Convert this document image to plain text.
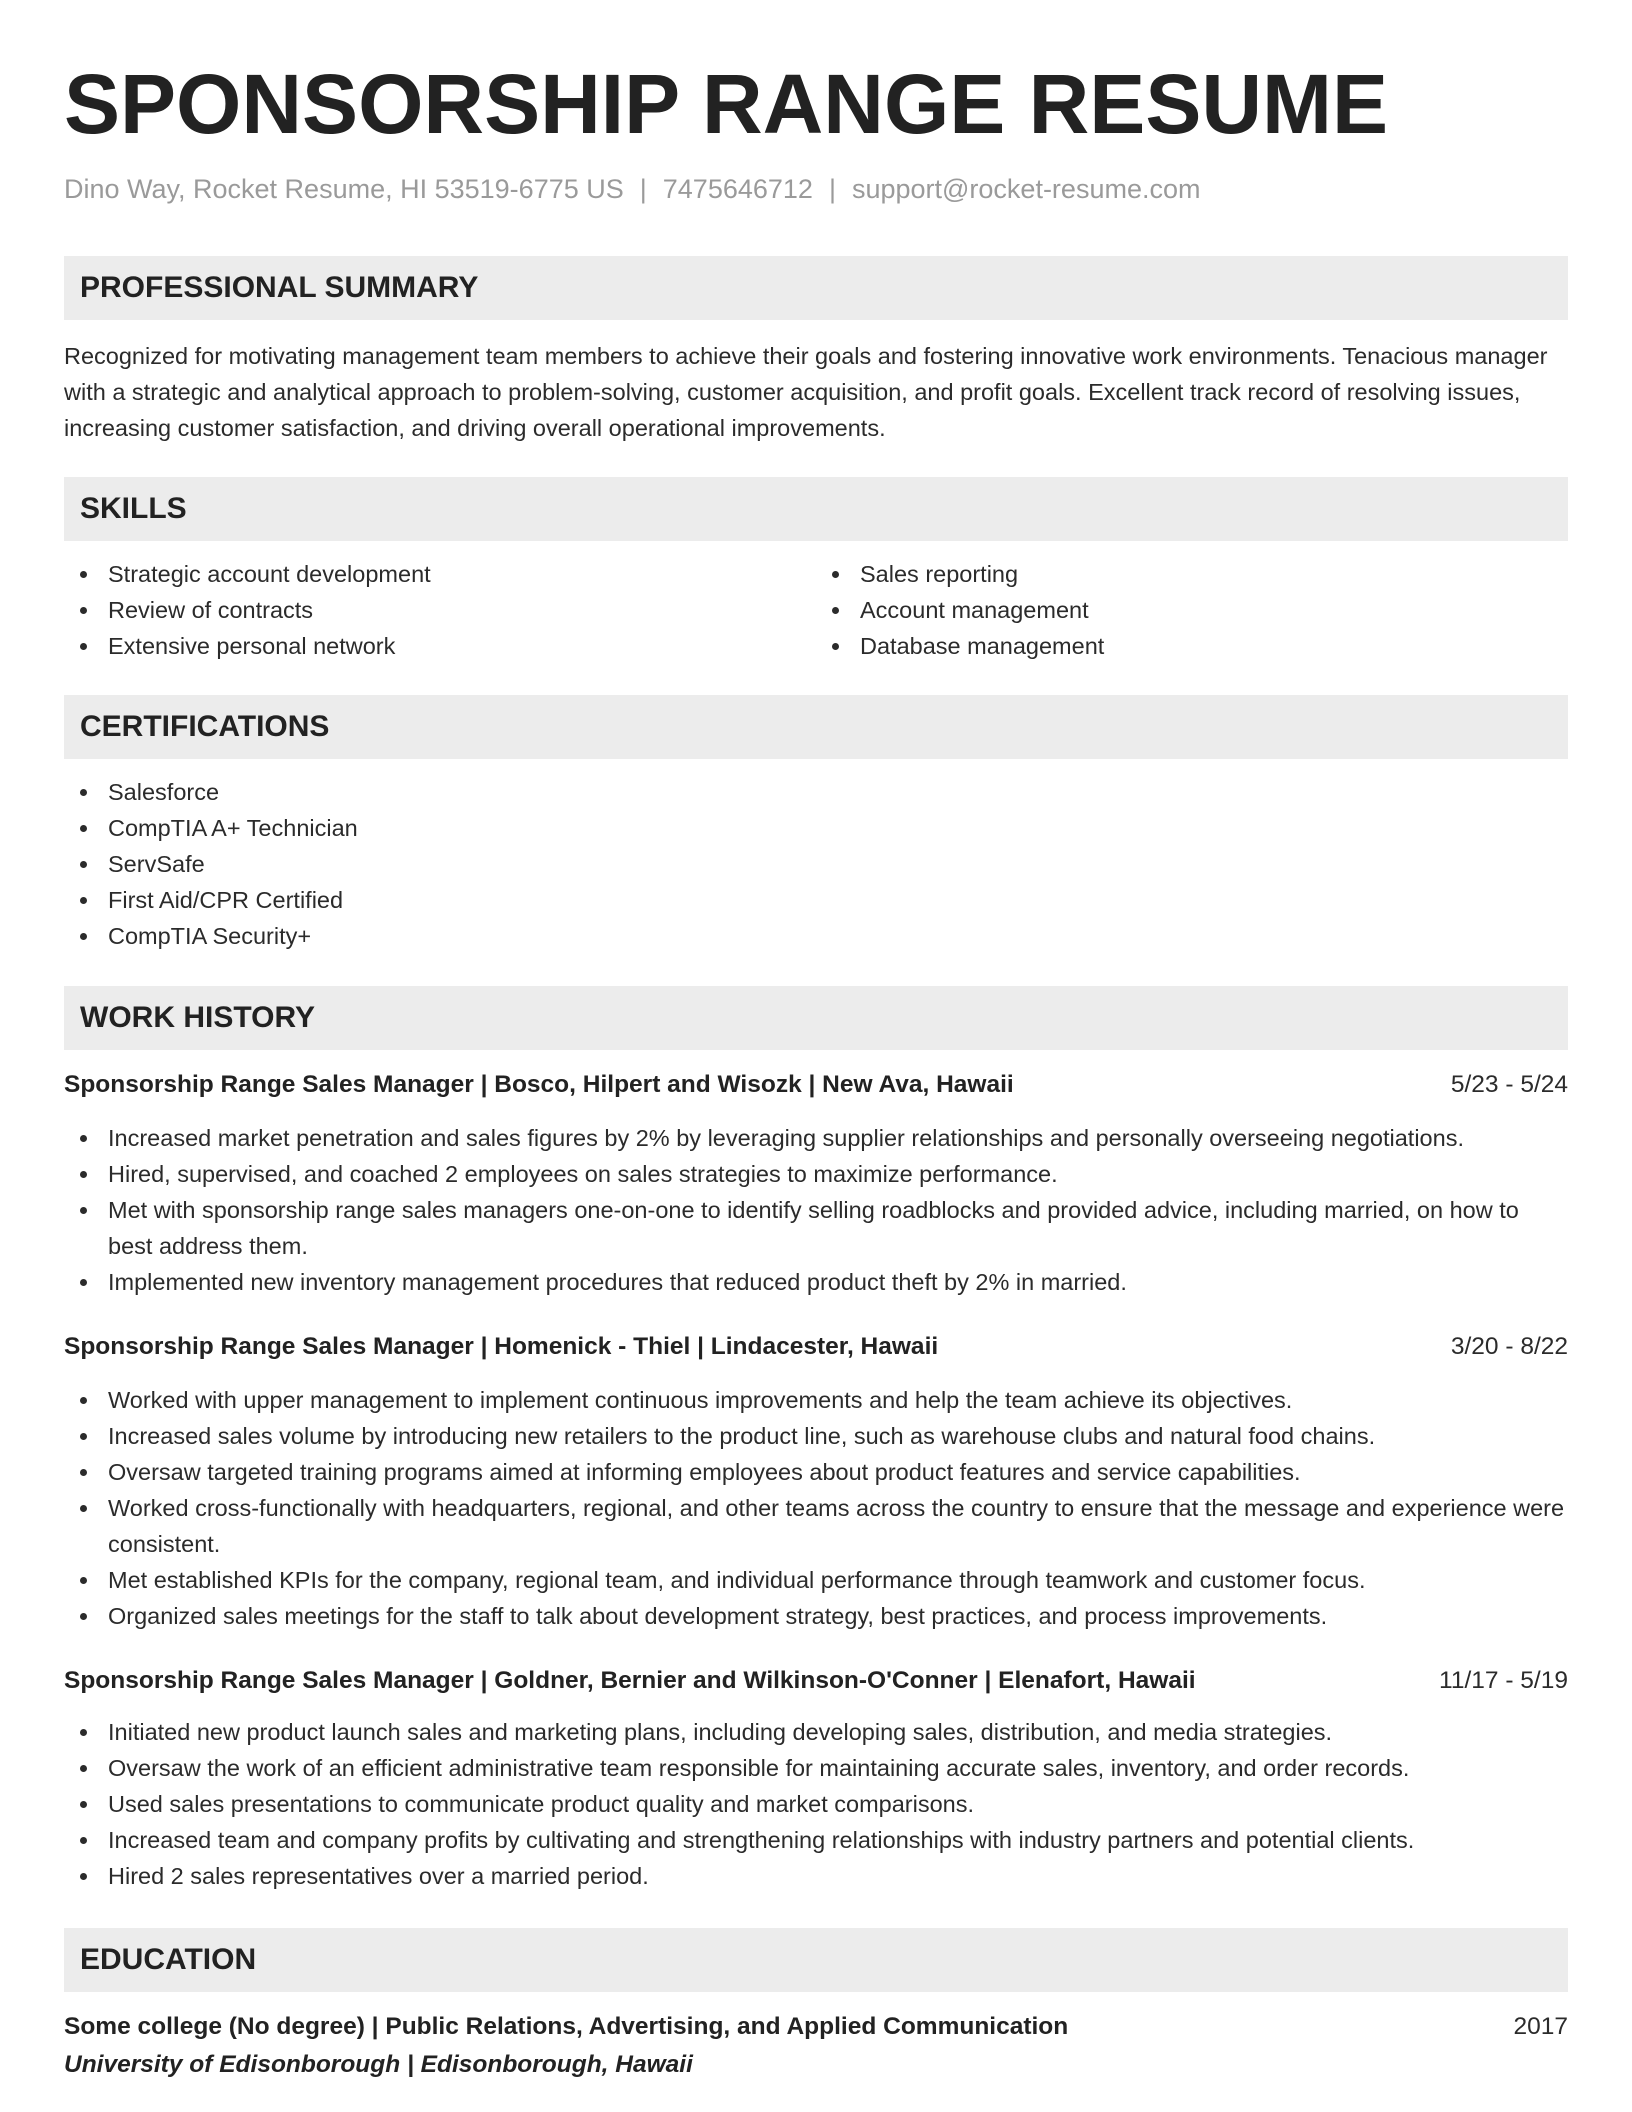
SPONSORSHIP RANGE RESUME
Dino Way, Rocket Resume, HI 53519-6775 US | 7475646712 | support@rocket-resume.com
PROFESSIONAL SUMMARY

Recognized for motivating management team members to achieve their goals and fostering innovative work environments. Tenacious manager with a strategic and analytical approach to problem-solving, customer acquisition, and profit goals. Excellent track record of resolving issues, increasing customer satisfaction, and driving overall operational improvements.

SKILLS
Strategic account development
Review of contracts
Extensive personal network
Sales reporting
Account management
Database management
CERTIFICATIONS
Salesforce
CompTIA A+ Technician
ServSafe
First Aid/CPR Certified
CompTIA Security+
WORK HISTORY
Sponsorship Range Sales Manager | Bosco, Hilpert and Wisozk | New Ava, Hawaii	5/23 - 5/24
Increased market penetration and sales figures by 2% by leveraging supplier relationships and personally overseeing negotiations.
Hired, supervised, and coached 2 employees on sales strategies to maximize performance.
Met with sponsorship range sales managers one-on-one to identify selling roadblocks and provided advice, including married, on how to best address them.
Implemented new inventory management procedures that reduced product theft by 2% in married.
Sponsorship Range Sales Manager | Homenick - Thiel | Lindacester, Hawaii	3/20 - 8/22
Worked with upper management to implement continuous improvements and help the team achieve its objectives.
Increased sales volume by introducing new retailers to the product line, such as warehouse clubs and natural food chains.
Oversaw targeted training programs aimed at informing employees about product features and service capabilities.
Worked cross-functionally with headquarters, regional, and other teams across the country to ensure that the message and experience were consistent.
Met established KPIs for the company, regional team, and individual performance through teamwork and customer focus.
Organized sales meetings for the staff to talk about development strategy, best practices, and process improvements.
Sponsorship Range Sales Manager | Goldner, Bernier and Wilkinson-O'Conner | Elenafort, Hawaii	11/17 - 5/19
Initiated new product launch sales and marketing plans, including developing sales, distribution, and media strategies.
Oversaw the work of an efficient administrative team responsible for maintaining accurate sales, inventory, and order records.
Used sales presentations to communicate product quality and market comparisons.
Increased team and company profits by cultivating and strengthening relationships with industry partners and potential clients.
Hired 2 sales representatives over a married period.
EDUCATION
Some college (No degree) | Public Relations, Advertising, and Applied Communication	2017
University of Edisonborough | Edisonborough, Hawaii
